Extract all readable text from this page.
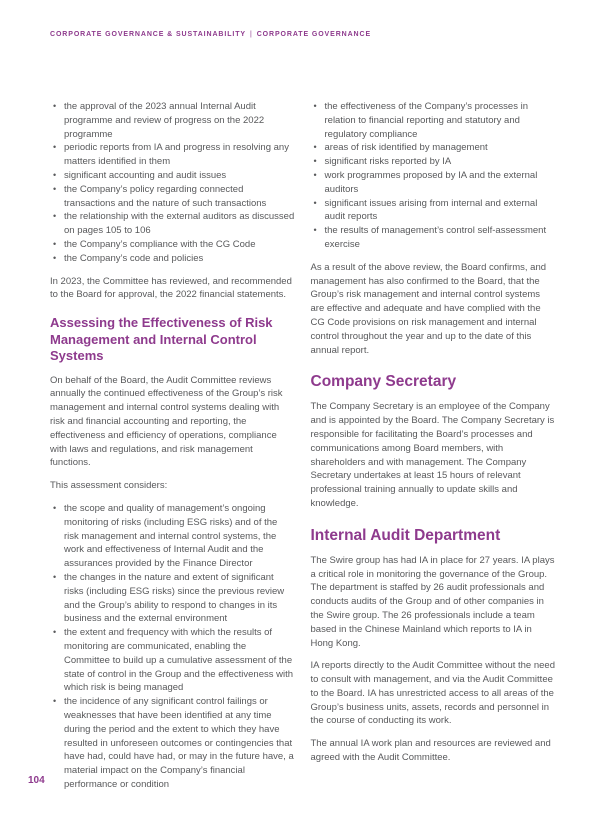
CORPORATE GOVERNANCE & SUSTAINABILITY | CORPORATE GOVERNANCE
• the approval of the 2023 annual Internal Audit programme and review of progress on the 2022 programme
• periodic reports from IA and progress in resolving any matters identified in them
• significant accounting and audit issues
• the Company’s policy regarding connected transactions and the nature of such transactions
• the relationship with the external auditors as discussed on pages 105 to 106
• the Company’s compliance with the CG Code
• the Company’s code and policies

In 2023, the Committee has reviewed, and recommended to the Board for approval, the 2022 financial statements.

Assessing the Effectiveness of Risk Management and Internal Control Systems

On behalf of the Board, the Audit Committee reviews annually the continued effectiveness of the Group’s risk management and internal control systems dealing with risk and financial accounting and reporting, the effectiveness and efficiency of operations, compliance with laws and regulations, and risk management functions.

This assessment considers:

• the scope and quality of management’s ongoing monitoring of risks (including ESG risks) and of the risk management and internal control systems, the work and effectiveness of Internal Audit and the assurances provided by the Finance Director
• the changes in the nature and extent of significant risks (including ESG risks) since the previous review and the Group’s ability to respond to changes in its business and the external environment
• the extent and frequency with which the results of monitoring are communicated, enabling the Committee to build up a cumulative assessment of the state of control in the Group and the effectiveness with which risk is being managed
• the incidence of any significant control failings or weaknesses that have been identified at any time during the period and the extent to which they have resulted in unforeseen outcomes or contingencies that have had, could have had, or may in the future have, a material impact on the Company’s financial performance or condition
• the effectiveness of the Company’s processes in relation to financial reporting and statutory and regulatory compliance
• areas of risk identified by management
• significant risks reported by IA
• work programmes proposed by IA and the external auditors
• significant issues arising from internal and external audit reports
• the results of management’s control self-assessment exercise

As a result of the above review, the Board confirms, and management has also confirmed to the Board, that the Group’s risk management and internal control systems are effective and adequate and have complied with the CG Code provisions on risk management and internal control throughout the year and up to the date of this annual report.

Company Secretary

The Company Secretary is an employee of the Company and is appointed by the Board. The Company Secretary is responsible for facilitating the Board’s processes and communications among Board members, with shareholders and with management. The Company Secretary undertakes at least 15 hours of relevant professional training annually to update skills and knowledge.

Internal Audit Department

The Swire group has had IA in place for 27 years. IA plays a critical role in monitoring the governance of the Group. The department is staffed by 26 audit professionals and conducts audits of the Group and of other companies in the Swire group. The 26 professionals include a team based in the Chinese Mainland which reports to IA in Hong Kong.

IA reports directly to the Audit Committee without the need to consult with management, and via the Audit Committee to the Board. IA has unrestricted access to all areas of the Group’s business units, assets, records and personnel in the course of conducting its work.

The annual IA work plan and resources are reviewed and agreed with the Audit Committee.

104
